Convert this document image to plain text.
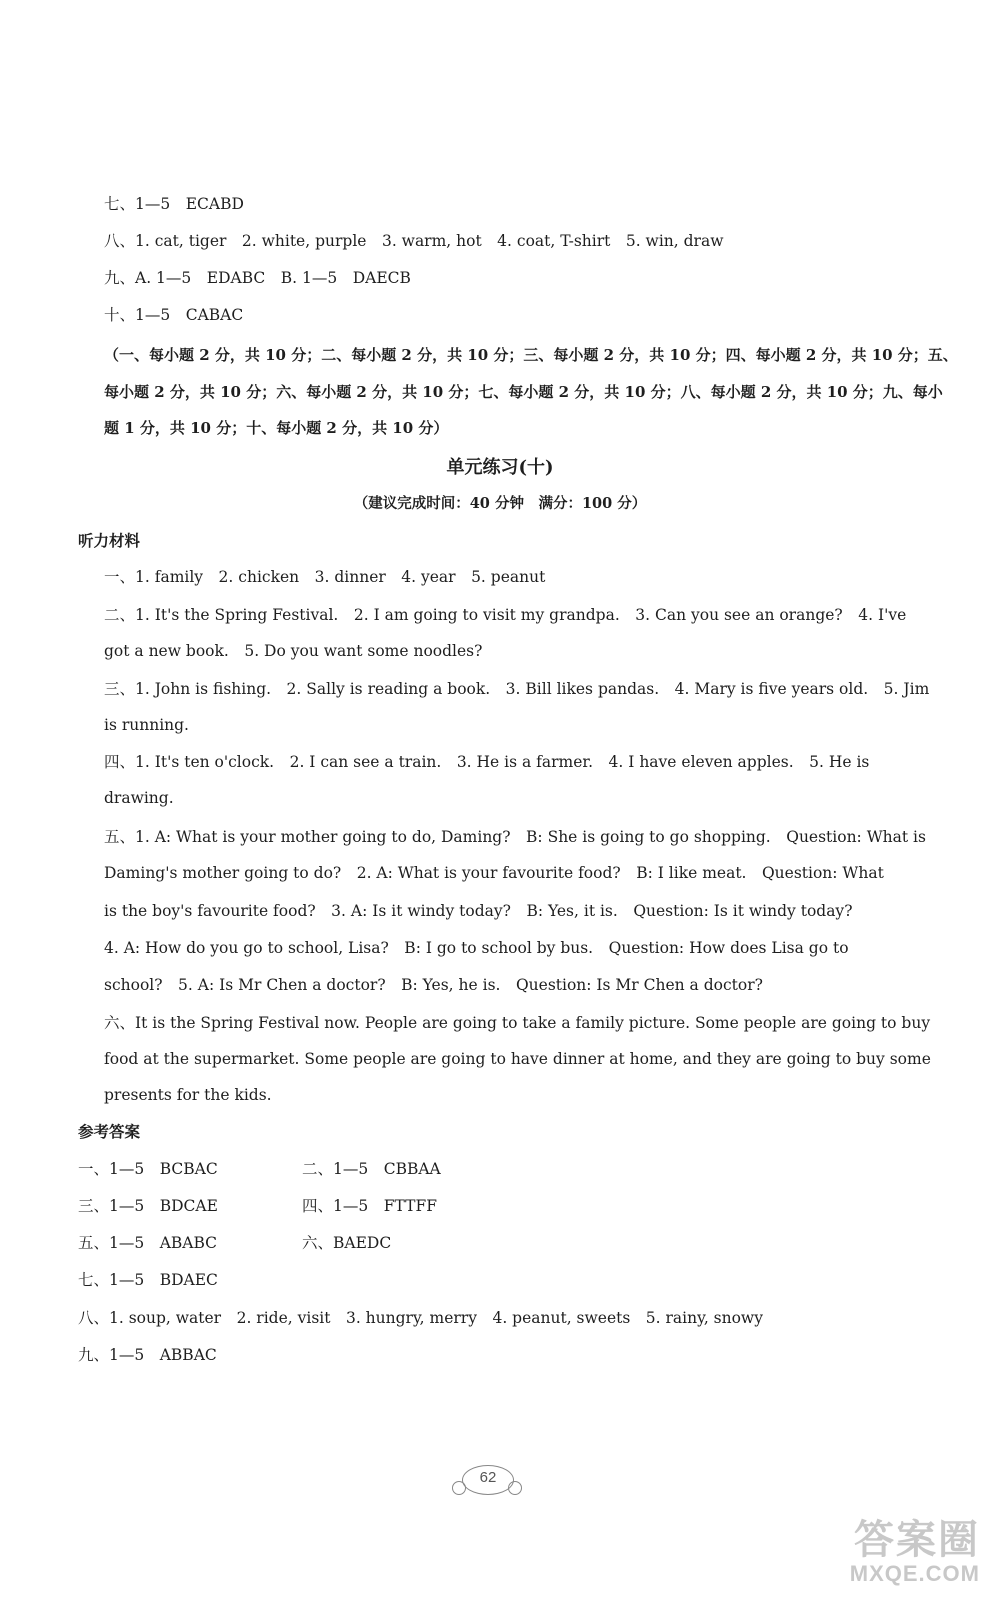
七、1—5　ECABD
八、1. cat, tiger　2. white, purple　3. warm, hot　4. coat, T-shirt　5. win, draw
九、A. 1—5　EDABC　B. 1—5　DAECB
十、1—5　CABAC
（一、每小题 2 分，共 10 分；二、每小题 2 分，共 10 分；三、每小题 2 分，共 10 分；四、每小题 2 分，共 10 分；五、
每小题 2 分，共 10 分；六、每小题 2 分，共 10 分；七、每小题 2 分，共 10 分；八、每小题 2 分，共 10 分；九、每小
题 1 分，共 10 分；十、每小题 2 分，共 10 分）
单元练习(十)
（建议完成时间：40 分钟　满分：100 分）
听力材料
一、1. family　2. chicken　3. dinner　4. year　5. peanut
二、1. It's the Spring Festival.　2. I am going to visit my grandpa.　3. Can you see an orange?　4. I've
got a new book.　5. Do you want some noodles?
三、1. John is fishing.　2. Sally is reading a book.　3. Bill likes pandas.　4. Mary is five years old.　5. Jim
is running.
四、1. It's ten o'clock.　2. I can see a train.　3. He is a farmer.　4. I have eleven apples.　5. He is
drawing.
五、1. A: What is your mother going to do, Daming?　B: She is going to go shopping.　Question: What is
Daming's mother going to do?　2. A: What is your favourite food?　B: I like meat.　Question: What
is the boy's favourite food?　3. A: Is it windy today?　B: Yes, it is.　Question: Is it windy today?
4. A: How do you go to school, Lisa?　B: I go to school by bus.　Question: How does Lisa go to
school?　5. A: Is Mr Chen a doctor?　B: Yes, he is.　Question: Is Mr Chen a doctor?
六、It is the Spring Festival now. People are going to take a family picture. Some people are going to buy
food at the supermarket. Some people are going to have dinner at home, and they are going to buy some
presents for the kids.
参考答案
一、1—5　BCBAC	二、1—5　CBBAA
三、1—5　BDCAE	四、1—5　FTTFF
五、1—5　ABABC	六、BAEDC
七、1—5　BDAEC
八、1. soup, water　2. ride, visit　3. hungry, merry　4. peanut, sweets　5. rainy, snowy
九、1—5　ABBAC
62
答案圈
MXQE.COM
